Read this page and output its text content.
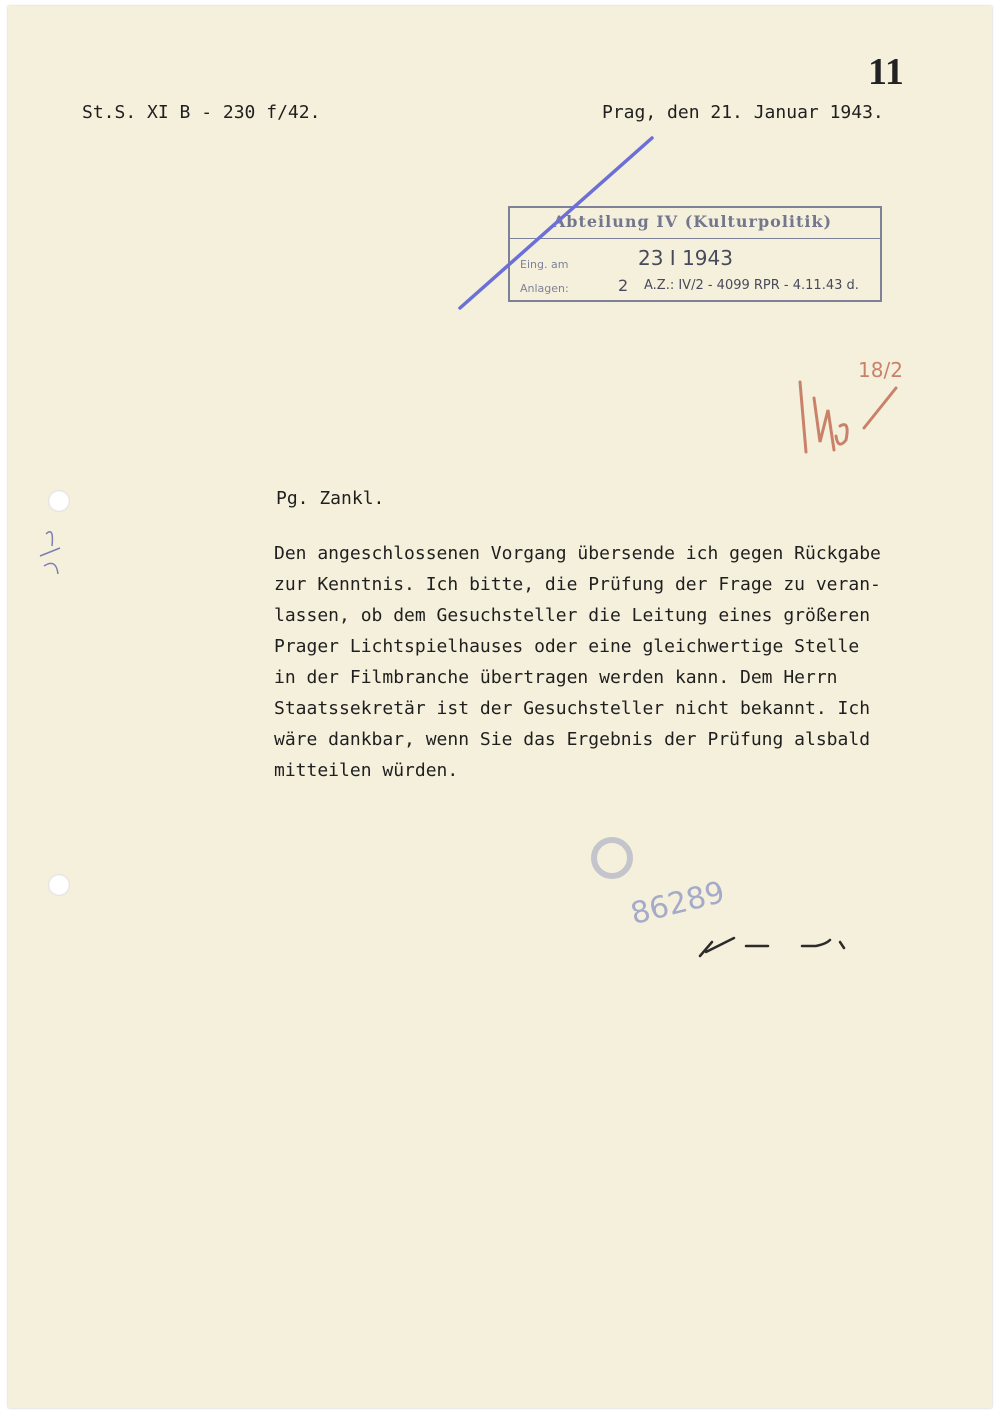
11
St.S. XI B - 230 f/42.	Prag, den 21. Januar 1943.
Abteilung IV (Kulturpolitik)
Eing. am
Anlagen:
23 I 1943
2 A.Z.: IV/2 - 4099 RPR - 4.11.43 d.
18/2
86289
Pg. Zankl.
Den angeschlossenen Vorgang übersende ich gegen Rückgabe
zur Kenntnis. Ich bitte, die Prüfung der Frage zu veran-
lassen, ob dem Gesuchsteller die Leitung eines größeren
Prager Lichtspielhauses oder eine gleichwertige Stelle
in der Filmbranche übertragen werden kann. Dem Herrn
Staatssekretär ist der Gesuchsteller nicht bekannt. Ich
wäre dankbar, wenn Sie das Ergebnis der Prüfung alsbald
mitteilen würden.
